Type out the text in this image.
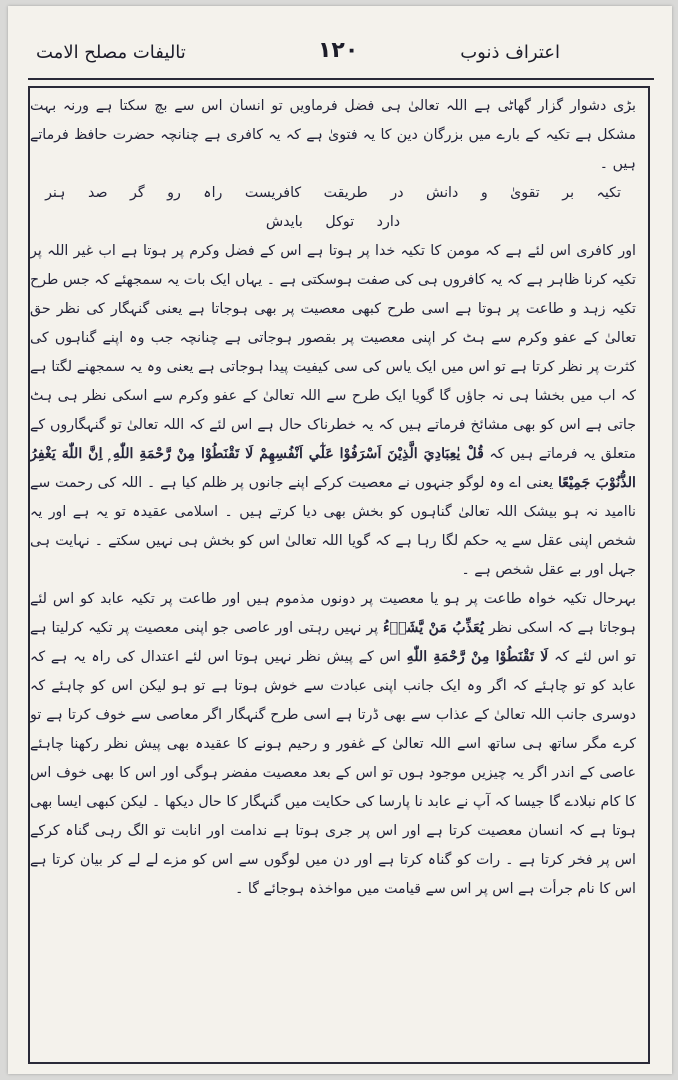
تالیفات مصلح الامت	۱۲۰	اعتراف ذنوب

بڑی دشوار گزار گھاٹی ہے اللہ تعالیٰ ہی فضل فرماویں تو انسان اس سے بچ سکتا ہے ورنہ بہت مشکل ہے تکیہ کے بارے میں بزرگان دین کا یہ فتویٰ ہے کہ یہ کافری ہے چنانچہ حضرت حافظ فرماتے ہیں ۔

تکیہ بر تقویٰ و دانش در طریقت کافریست راہ رو گر صد ہنر دارد توکل بایدش

اور کافری اس لئے ہے کہ مومن کا تکیہ خدا پر ہوتا ہے اس کے فضل وکرم پر ہوتا ہے اب غیر اللہ پر تکیہ کرنا ظاہر ہے کہ یہ کافروں ہی کی صفت ہوسکتی ہے ۔ یہاں ایک بات یہ سمجھئے کہ جس طرح تکیہ زہد و طاعت پر ہوتا ہے اسی طرح کبھی معصیت پر بھی ہوجاتا ہے یعنی گنہگار کی نظر حق تعالیٰ کے عفو وکرم سے ہٹ کر اپنی معصیت پر بقصور ہوجاتی ہے چنانچہ جب وہ اپنے گناہوں کی کثرت پر نظر کرتا ہے تو اس میں ایک یاس کی سی کیفیت پیدا ہوجاتی ہے یعنی وہ یہ سمجھنے لگتا ہے کہ اب میں بخشا ہی نہ جاؤں گا گویا ایک طرح سے اللہ تعالیٰ کے عفو وکرم سے اسکی نظر ہی ہٹ جاتی ہے اس کو بھی مشائخ فرماتے ہیں کہ یہ خطرناک حال ہے اس لئے کہ اللہ تعالیٰ تو گنہگاروں کے متعلق یہ فرماتے ہیں کہ قُلْ يٰعِبَادِيَ الَّذِيْنَ اَسْرَفُوْا عَلٰٓي اَنْفُسِهِمْ لَا تَقْنَطُوْا مِنْ رَّحْمَةِ اللّٰهِ ۭ اِنَّ اللّٰهَ يَغْفِرُ الذُّنُوْبَ جَمِيْعًا یعنی اے وہ لوگو جنہوں نے معصیت کرکے اپنے جانوں پر ظلم کیا ہے ۔ اللہ کی رحمت سے ناامید نہ ہو بیشک اللہ تعالیٰ گناہوں کو بخش بھی دیا کرتے ہیں ۔ اسلامی عقیدہ تو یہ ہے اور یہ شخص اپنی عقل سے یہ حکم لگا رہا ہے کہ گویا اللہ تعالیٰ اس کو بخش ہی نہیں سکتے ۔ نہایت ہی جہل اور بے عقل شخص ہے ۔

بہرحال تکیہ خواہ طاعت پر ہو یا معصیت پر دونوں مذموم ہیں اور طاعت پر تکیہ عابد کو اس لئے ہوجاتا ہے کہ اسکی نظر يُعَذِّبُ مَنْ يَّشَاۗءُ پر نہیں رہتی اور عاصی جو اپنی معصیت پر تکیہ کرلیتا ہے تو اس لئے کہ لَا تَقْنَطُوْا مِنْ رَّحْمَةِ اللّٰهِ اس کے پیش نظر نہیں ہوتا اس لئے اعتدال کی راہ یہ ہے کہ عابد کو تو چاہئے کہ اگر وہ ایک جانب اپنی عبادت سے خوش ہوتا ہے تو ہو لیکن اس کو چاہئے کہ دوسری جانب اللہ تعالیٰ کے عذاب سے بھی ڈرتا ہے اسی طرح گنہگار اگر معاصی سے خوف کرتا ہے تو کرے مگر ساتھ ہی ساتھ اسے اللہ تعالیٰ کے غفور و رحیم ہونے کا عقیدہ بھی پیش نظر رکھنا چاہئے عاصی کے اندر اگر یہ چیزیں موجود ہوں تو اس کے بعد معصیت مفضر ہوگی اور اس کا بھی خوف اس کا کام نبلادے گا جیسا کہ آپ نے عابد نا پارسا کی حکایت میں گنہگار کا حال دیکھا ۔ لیکن کبھی ایسا بھی ہوتا ہے کہ انسان معصیت کرتا ہے اور اس پر جری ہوتا ہے ندامت اور انابت تو الگ رہی گناہ کرکے اس پر فخر کرتا ہے ۔ رات کو گناہ کرتا ہے اور دن میں لوگوں سے اس کو مزے لے لے کر بیان کرتا ہے اس کا نام جرأت ہے اس پر اس سے قیامت میں مواخذہ ہوجائے گا ۔
